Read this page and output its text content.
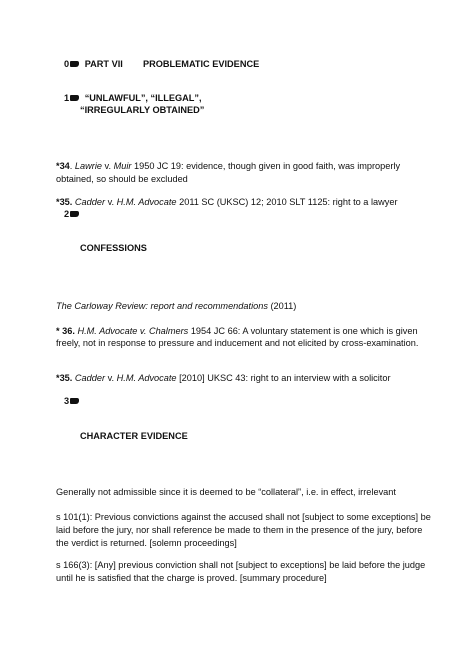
0 PART VII PROBLEMATIC EVIDENCE
1 “UNLAWFUL”, “ILLEGAL”,
“IRREGULARLY OBTAINED”
*34. Lawrie v. Muir 1950 JC 19: evidence, though given in good faith, was improperly
obtained, so should be excluded
*35. Cadder v. H.M. Advocate 2011 SC (UKSC) 12; 2010 SLT 1125: right to a lawyer
2
CONFESSIONS
The Carloway Review: report and recommendations (2011)
* 36. H.M. Advocate v. Chalmers 1954 JC 66: A voluntary statement is one which is given
freely, not in response to pressure and inducement and not elicited by cross-examination.
*35. Cadder v. H.M. Advocate [2010] UKSC 43: right to an interview with a solicitor
3
CHARACTER EVIDENCE
Generally not admissible since it is deemed to be “collateral”, i.e. in effect, irrelevant
s 101(1): Previous convictions against the accused shall not [subject to some exceptions] be
laid before the jury, nor shall reference be made to them in the presence of the jury, before
the verdict is returned. [solemn proceedings]
s 166(3): [Any] previous conviction shall not [subject to exceptions] be laid before the judge
until he is satisfied that the charge is proved. [summary procedure]
